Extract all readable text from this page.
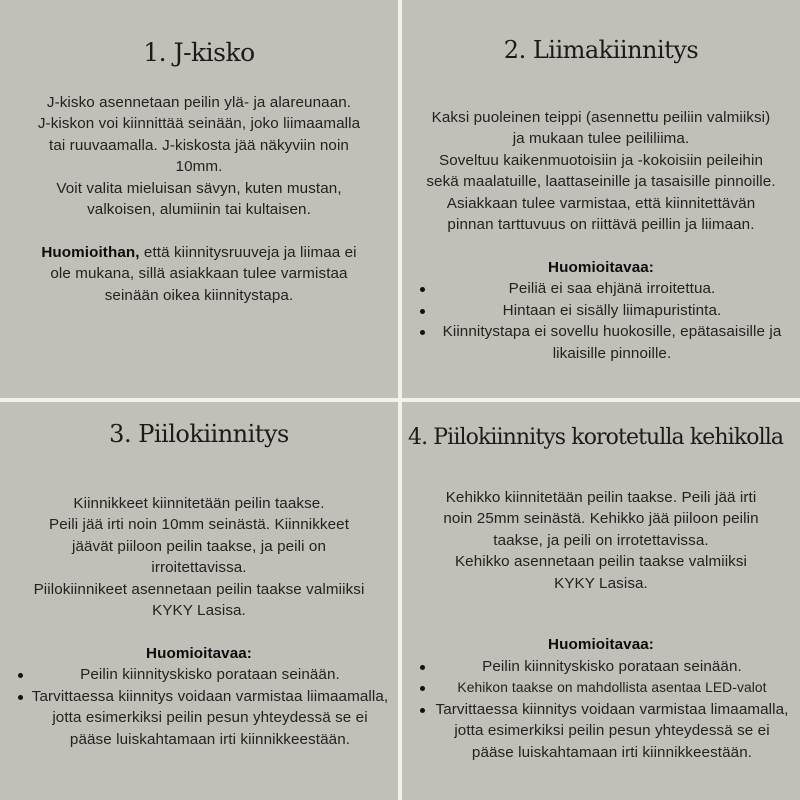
1. J-kisko
J-kisko asennetaan peilin ylä- ja alareunaan.
J-kiskon voi kiinnittää seinään, joko liimaamalla
tai ruuvaamalla. J-kiskosta jää näkyviin noin
10mm.
Voit valita mieluisan sävyn, kuten mustan,
valkoisen, alumiinin tai kultaisen.
Huomioithan, että kiinnitysruuveja ja liimaa ei
ole mukana, sillä asiakkaan tulee varmistaa
seinään oikea kiinnitystapa.
2. Liimakiinnitys
Kaksi puoleinen teippi (asennettu peiliin valmiiksi)
ja mukaan tulee peililiima.
Soveltuu kaikenmuotoisiin ja -kokoisiin peileihin
sekä maalatuille, laattaseinille ja tasaisille pinnoille.
Asiakkaan tulee varmistaa, että kiinnitettävän
pinnan tarttuvuus on riittävä peillin ja liimaan.
Huomioitavaa:
Peiliä ei saa ehjänä irroitettua.
Hintaan ei sisälly liimapuristinta.
Kiinnitystapa ei sovellu huokosille, epätasaisille ja likaisille pinnoille.
3. Piilokiinnitys
Kiinnikkeet kiinnitetään peilin taakse.
Peili jää irti noin 10mm seinästä. Kiinnikkeet
jäävät piiloon peilin taakse, ja peili on
irroitettavissa.
Piilokiinnikeet asennetaan peilin taakse valmiiksi
KYKY Lasisa.
Huomioitavaa:
Peilin kiinnityskisko porataan seinään.
Tarvittaessa kiinnitys voidaan varmistaa liimaamalla, jotta esimerkiksi peilin pesun yhteydessä se ei pääse luiskahtamaan irti kiinnikkeestään.
4. Piilokiinnitys korotetulla kehikolla
Kehikko kiinnitetään peilin taakse. Peili jää irti
noin 25mm seinästä. Kehikko jää piiloon peilin
taakse, ja peili on irrotettavissa.
Kehikko asennetaan peilin taakse valmiiksi
KYKY Lasisa.
Huomioitavaa:
Peilin kiinnityskisko porataan seinään.
Kehikon taakse on mahdollista asentaa LED-valot
Tarvittaessa kiinnitys voidaan varmistaa limaamalla, jotta esimerkiksi peilin pesun yhteydessä se ei pääse luiskahtamaan irti kiinnikkeestään.
